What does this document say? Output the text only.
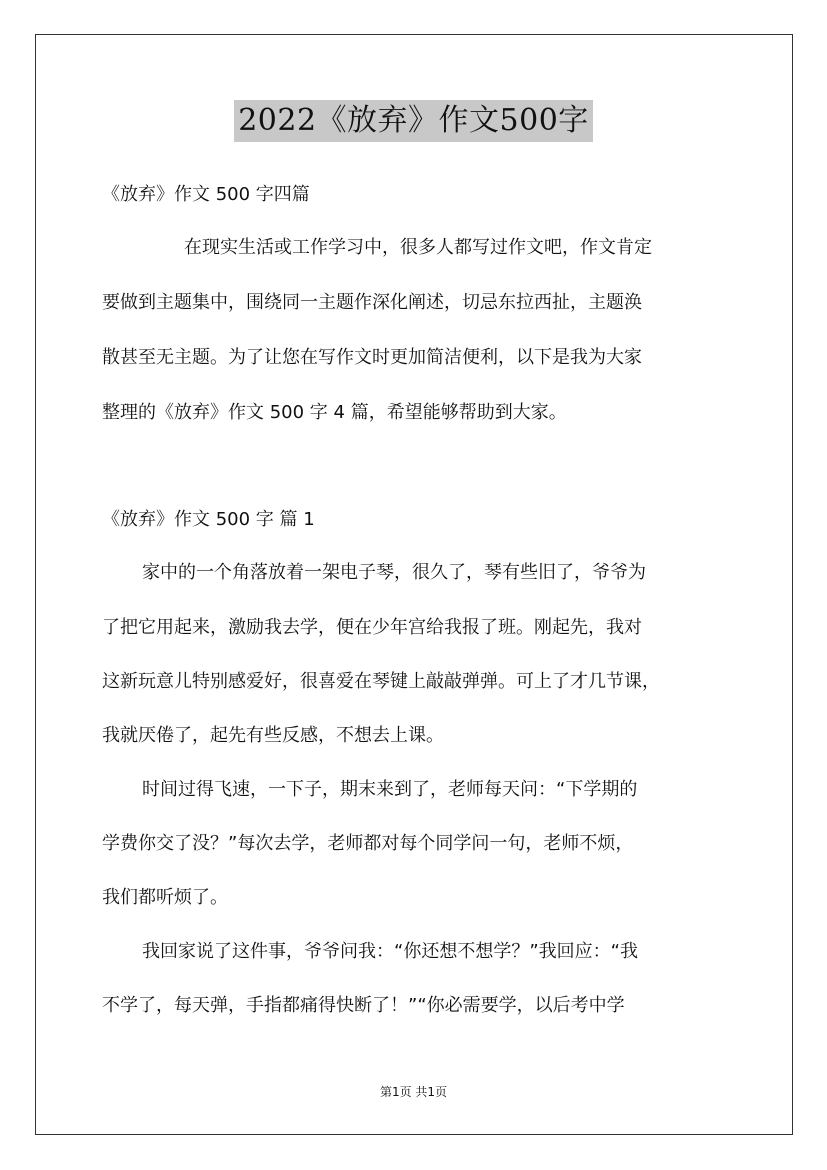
2022《放弃》作文500字
《放弃》作文 500 字四篇
在现实生活或工作学习中，很多人都写过作文吧，作文肯定
要做到主题集中，围绕同一主题作深化阐述，切忌东拉西扯，主题涣
散甚至无主题。为了让您在写作文时更加简洁便利，以下是我为大家
整理的《放弃》作文 500 字 4 篇，希望能够帮助到大家。
《放弃》作文 500 字 篇 1
家中的一个角落放着一架电子琴，很久了，琴有些旧了，爷爷为
了把它用起来，激励我去学，便在少年宫给我报了班。刚起先，我对
这新玩意儿特别感爱好，很喜爱在琴键上敲敲弹弹。可上了才几节课，
我就厌倦了，起先有些反感，不想去上课。
时间过得飞速，一下子，期末来到了，老师每天问：“下学期的
学费你交了没？”每次去学，老师都对每个同学问一句，老师不烦，
我们都听烦了。
我回家说了这件事，爷爷问我：“你还想不想学？”我回应：“我
不学了，每天弹，手指都痛得快断了！”“你必需要学，以后考中学
第1页 共1页
